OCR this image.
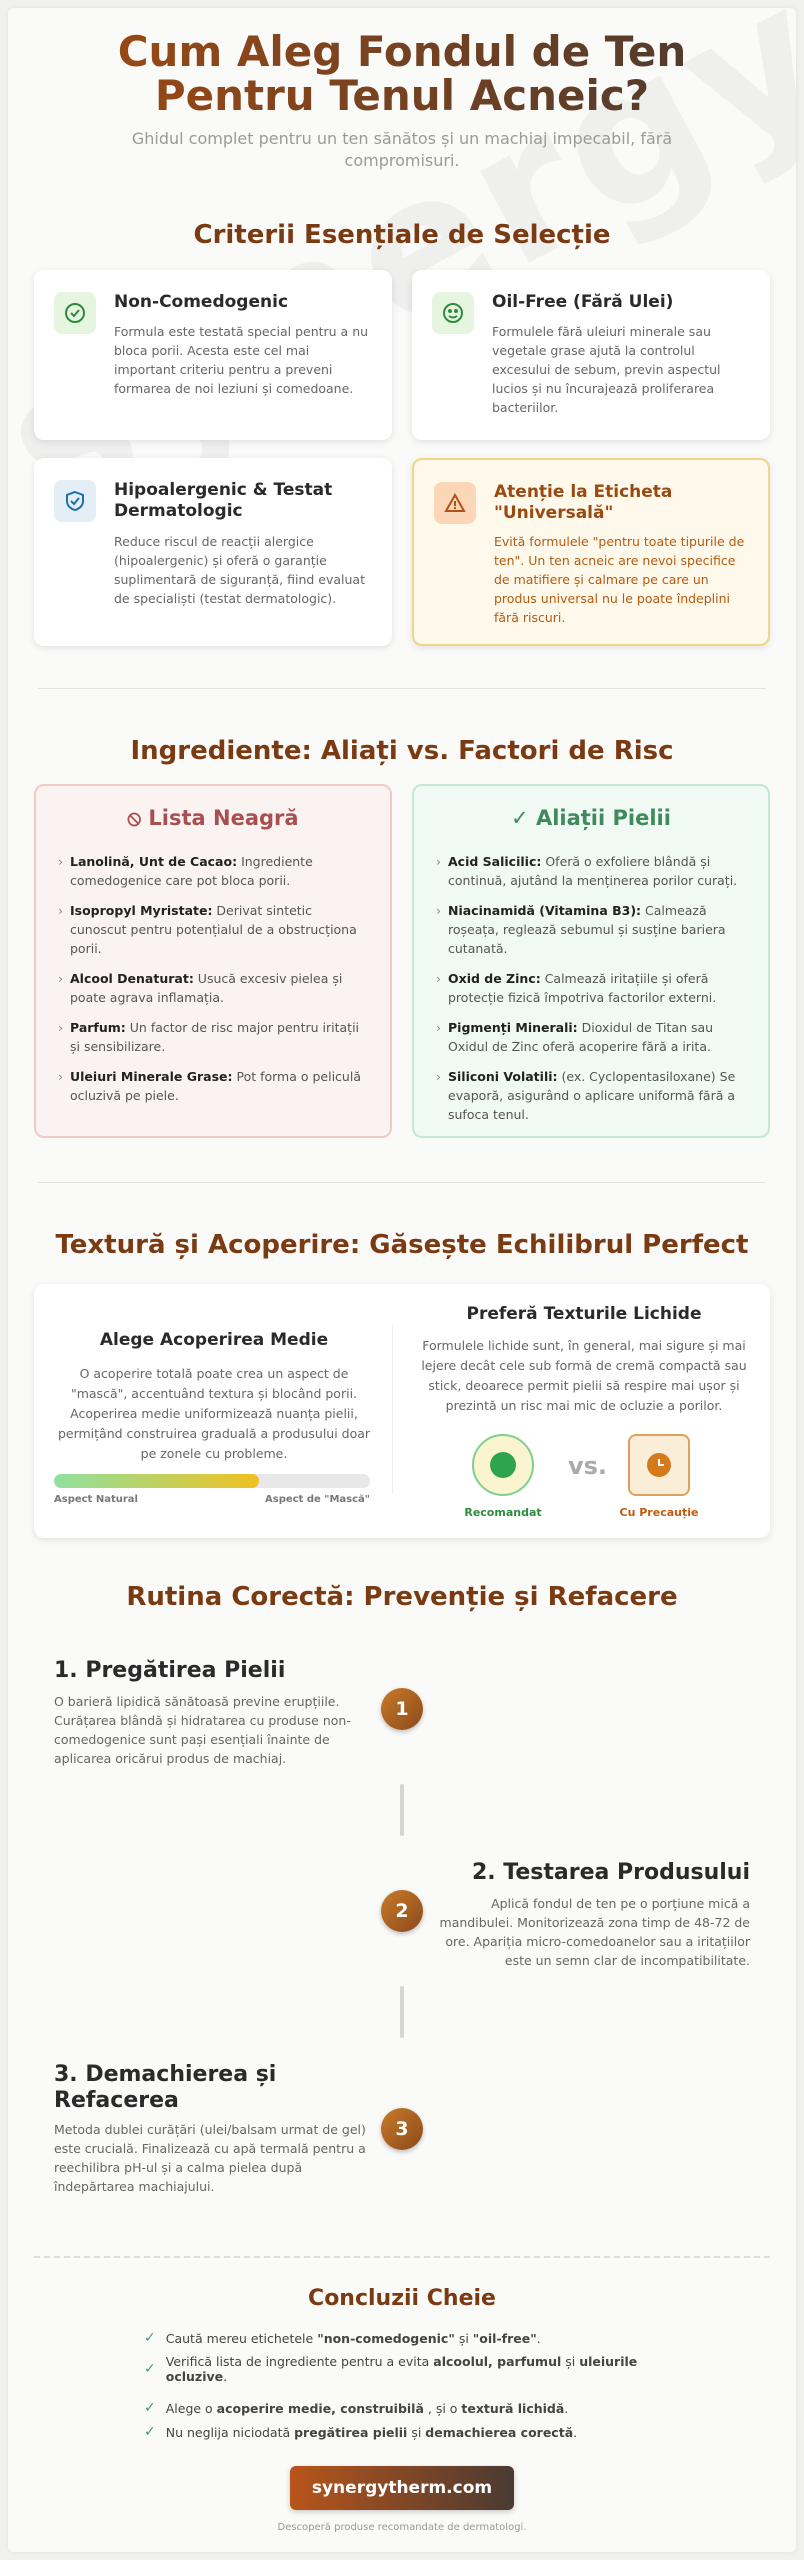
Cum Aleg Fondul de Ten Pentru Tenul Acneic?

Ghidul complet pentru un ten sănătos și un machiaj impecabil, fără compromisuri.

Criterii Esențiale de Selecție
Non-Comedogenic
Formula este testată special pentru a nu bloca porii. Acesta este cel mai important criteriu pentru a preveni formarea de noi leziuni și comedoane.
Oil-Free (Fără Ulei)
Formulele fără uleiuri minerale sau vegetale grase ajută la controlul excesului de sebum, previn aspectul lucios și nu încurajează proliferarea bacteriilor.
Hipoalergenic & Testat Dermatologic
Reduce riscul de reacții alergice (hipoalergenic) și oferă o garanție suplimentară de siguranță, fiind evaluat de specialiști (testat dermatologic).
Atenție la Eticheta "Universală"
Evită formulele "pentru toate tipurile de ten". Un ten acneic are nevoi specifice de matifiere și calmare pe care un produs universal nu le poate îndeplini fără riscuri.
Ingrediente: Aliați vs. Factori de Risc
⦸ Lista Neagră
› Lanolină, Unt de Cacao: Ingrediente comedogenice care pot bloca porii.
› Isopropyl Myristate: Derivat sintetic cunoscut pentru potențialul de a obstrucționa porii.
› Alcool Denaturat: Usucă excesiv pielea și poate agrava inflamația.
› Parfum: Un factor de risc major pentru iritații și sensibilizare.
› Uleiuri Minerale Grase: Pot forma o peliculă ocluzivă pe piele.
✓ Aliații Pielii
› Acid Salicilic: Oferă o exfoliere blândă și continuă, ajutând la menținerea porilor curați.
› Niacinamidă (Vitamina B3): Calmează roșeața, reglează sebumul și susține bariera cutanată.
› Oxid de Zinc: Calmează iritațiile și oferă protecție fizică împotriva factorilor externi.
› Pigmenți Minerali: Dioxidul de Titan sau Oxidul de Zinc oferă acoperire fără a irita.
› Siliconi Volatili: (ex. Cyclopentasiloxane) Se evaporă, asigurând o aplicare uniformă fără a sufoca tenul.
Textură și Acoperire: Găsește Echilibrul Perfect
Alege Acoperirea Medie
O acoperire totală poate crea un aspect de "mască", accentuând textura și blocând porii. Acoperirea medie uniformizează nuanța pielii, permițând construirea graduală a produsului doar pe zonele cu probleme.
Aspect Natural	Aspect de "Mască"
Preferă Texturile Lichide
Formulele lichide sunt, în general, mai sigure și mai lejere decât cele sub formă de cremă compactă sau stick, deoarece permit pielii să respire mai ușor și prezintă un risc mai mic de ocluzie a porilor.
Recomandat
vs.
Cu Precauție
Rutina Corectă: Prevenție și Refacere
1. Pregătirea Pielii
O barieră lipidică sănătoasă previne erupțiile. Curățarea blândă și hidratarea cu produse non-comedogenice sunt pași esențiali înainte de aplicarea oricărui produs de machiaj.
1
2. Testarea Produsului
Aplică fondul de ten pe o porțiune mică a mandibulei. Monitorizează zona timp de 48-72 de ore. Apariția micro-comedoanelor sau a iritațiilor este un semn clar de incompatibilitate.
2
3. Demachierea și Refacerea
Metoda dublei curățări (ulei/balsam urmat de gel) este crucială. Finalizează cu apă termală pentru a reechilibra pH-ul și a calma pielea după îndepărtarea machiajului.
3
Concluzii Cheie
✓ Caută mereu etichetele "non-comedogenic" și "oil-free".
✓ Verifică lista de ingrediente pentru a evita alcoolul, parfumul și uleiurile ocluzive.
✓ Alege o acoperire medie, construibilă , și o textură lichidă.
✓ Nu neglija niciodată pregătirea pielii și demachierea corectă.
synergytherm.com
Descoperă produse recomandate de dermatologi.
